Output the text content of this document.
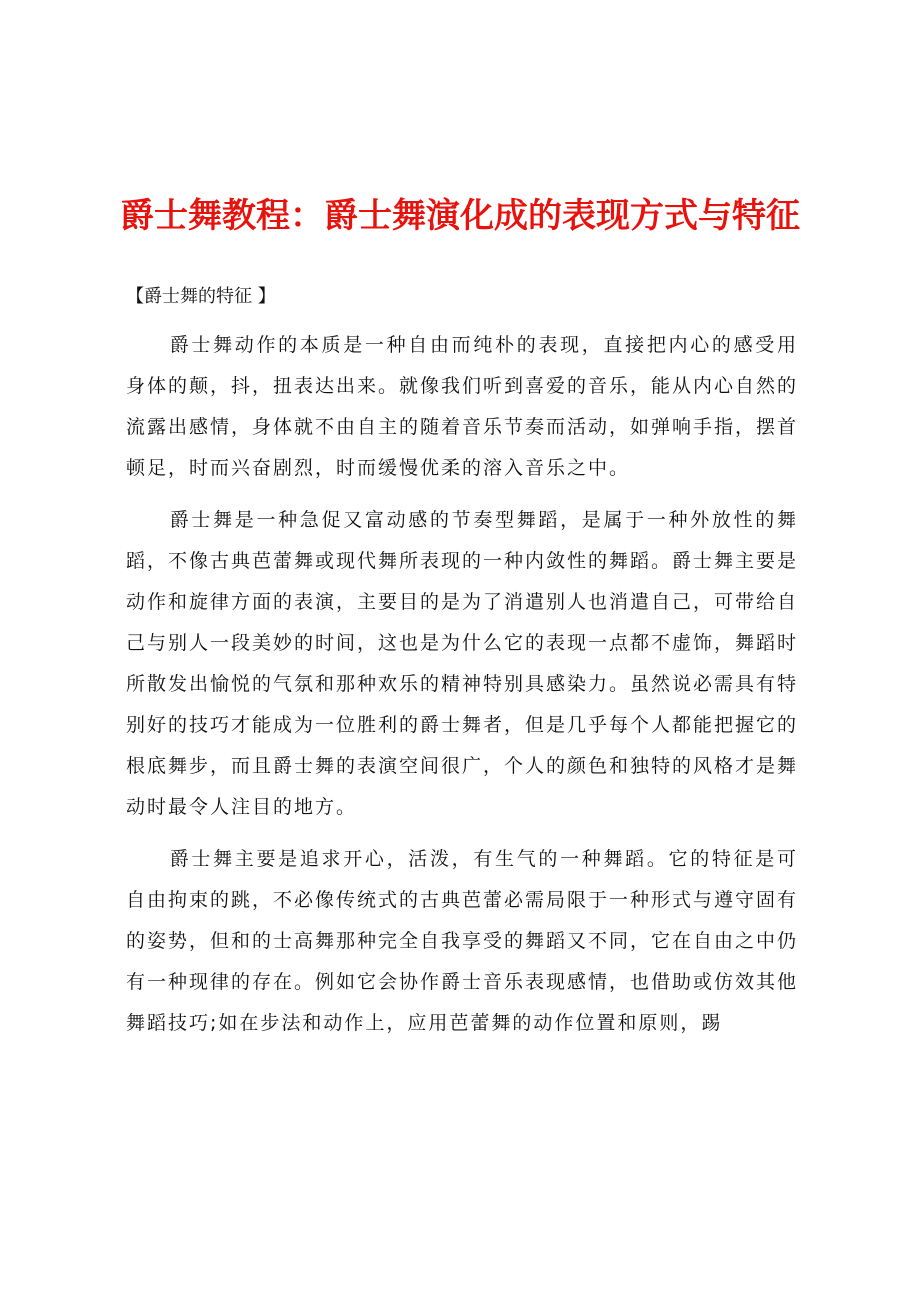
爵士舞教程：爵士舞演化成的表现方式与特征
【爵士舞的特征 】

爵士舞动作的本质是一种自由而纯朴的表现，直接把内心的感受用身体的颠，抖，扭表达出来。就像我们听到喜爱的音乐，能从内心自然的流露出感情，身体就不由自主的随着音乐节奏而活动，如弹响手指，摆首顿足，时而兴奋剧烈，时而缓慢优柔的溶入音乐之中。

爵士舞是一种急促又富动感的节奏型舞蹈，是属于一种外放性的舞蹈，不像古典芭蕾舞或现代舞所表现的一种内敛性的舞蹈。爵士舞主要是动作和旋律方面的表演，主要目的是为了消遣别人也消遣自己，可带给自己与别人一段美妙的时间，这也是为什么它的表现一点都不虚饰，舞蹈时所散发出愉悦的气氛和那种欢乐的精神特别具感染力。虽然说必需具有特别好的技巧才能成为一位胜利的爵士舞者，但是几乎每个人都能把握它的根底舞步，而且爵士舞的表演空间很广，个人的颜色和独特的风格才是舞动时最令人注目的地方。

爵士舞主要是追求开心，活泼，有生气的一种舞蹈。它的特征是可自由拘束的跳，不必像传统式的古典芭蕾必需局限于一种形式与遵守固有的姿势，但和的士高舞那种完全自我享受的舞蹈又不同，它在自由之中仍有一种现律的存在。例如它会协作爵士音乐表现感情，也借助或仿效其他舞蹈技巧;如在步法和动作上，应用芭蕾舞的动作位置和原则，踢
